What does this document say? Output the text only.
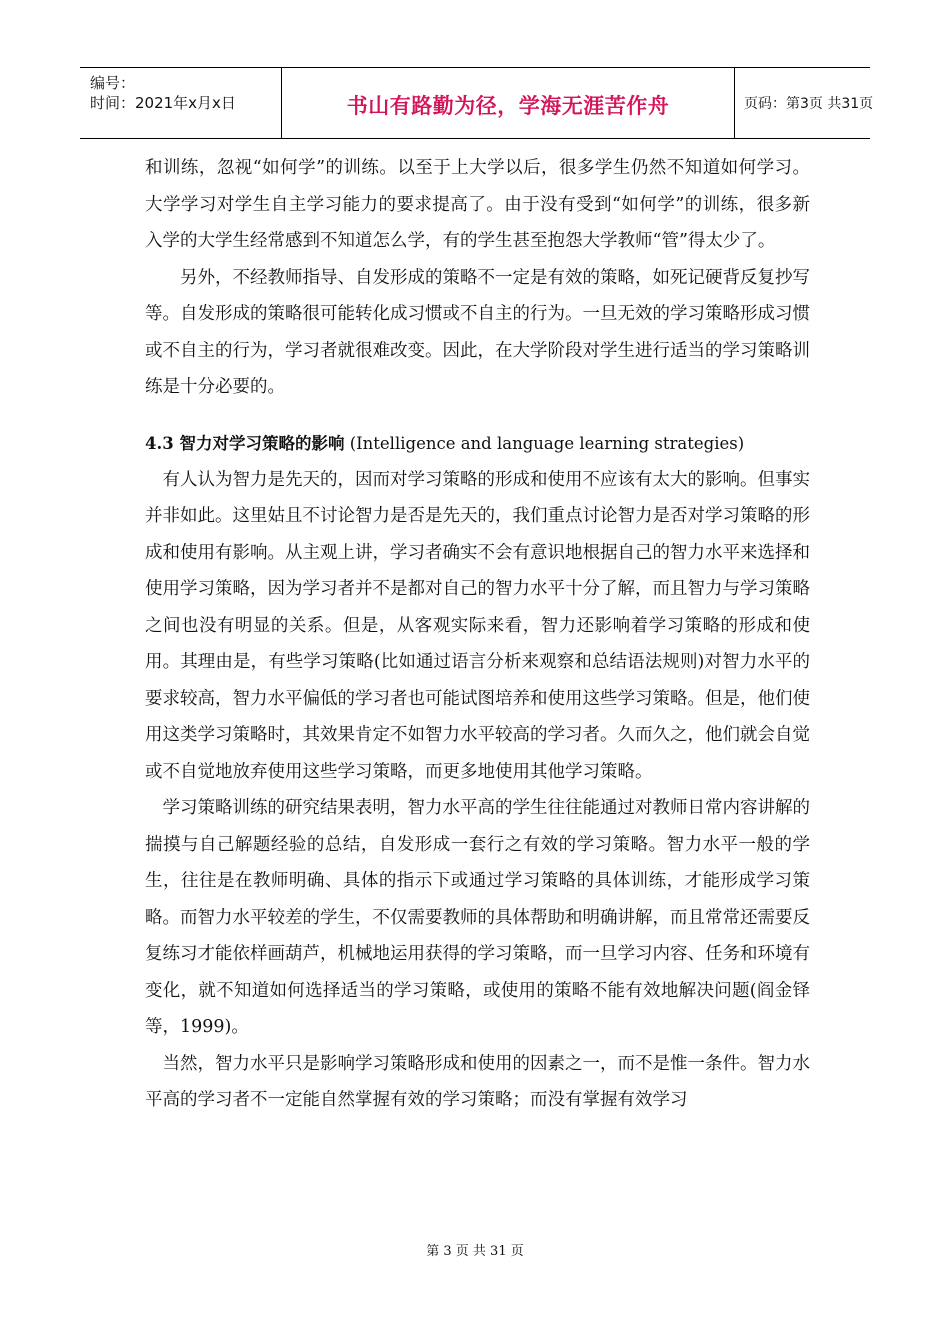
编号：
时间：2021年x月x日	书山有路勤为径，学海无涯苦作舟	页码：第3页 共31页

和训练，忽视“如何学”的训练。以至于上大学以后，很多学生仍然不知道如何学习。大学学习对学生自主学习能力的要求提高了。由于没有受到“如何学”的训练，很多新入学的大学生经常感到不知道怎么学，有的学生甚至抱怨大学教师“管”得太少了。

　　另外，不经教师指导、自发形成的策略不一定是有效的策略，如死记硬背反复抄写等。自发形成的策略很可能转化成习惯或不自主的行为。一旦无效的学习策略形成习惯或不自主的行为，学习者就很难改变。因此，在大学阶段对学生进行适当的学习策略训练是十分必要的。

4.3 智力对学习策略的影响 (Intelligence and language learning strategies)

　有人认为智力是先天的，因而对学习策略的形成和使用不应该有太大的影响。但事实并非如此。这里姑且不讨论智力是否是先天的，我们重点讨论智力是否对学习策略的形成和使用有影响。从主观上讲，学习者确实不会有意识地根据自己的智力水平来选择和使用学习策略，因为学习者并不是都对自己的智力水平十分了解，而且智力与学习策略之间也没有明显的关系。但是，从客观实际来看，智力还影响着学习策略的形成和使用。其理由是，有些学习策略(比如通过语言分析来观察和总结语法规则)对智力水平的要求较高，智力水平偏低的学习者也可能试图培养和使用这些学习策略。但是，他们使用这类学习策略时，其效果肯定不如智力水平较高的学习者。久而久之，他们就会自觉或不自觉地放弃使用这些学习策略，而更多地使用其他学习策略。

　学习策略训练的研究结果表明，智力水平高的学生往往能通过对教师日常内容讲解的揣摸与自己解题经验的总结，自发形成一套行之有效的学习策略。智力水平一般的学生，往往是在教师明确、具体的指示下或通过学习策略的具体训练，才能形成学习策略。而智力水平较差的学生，不仅需要教师的具体帮助和明确讲解，而且常常还需要反复练习才能依样画葫芦，机械地运用获得的学习策略，而一旦学习内容、任务和环境有变化，就不知道如何选择适当的学习策略，或使用的策略不能有效地解决问题(阎金铎等，1999)。

　当然，智力水平只是影响学习策略形成和使用的因素之一，而不是惟一条件。智力水平高的学习者不一定能自然掌握有效的学习策略；而没有掌握有效学习

第 3 页 共 31 页
